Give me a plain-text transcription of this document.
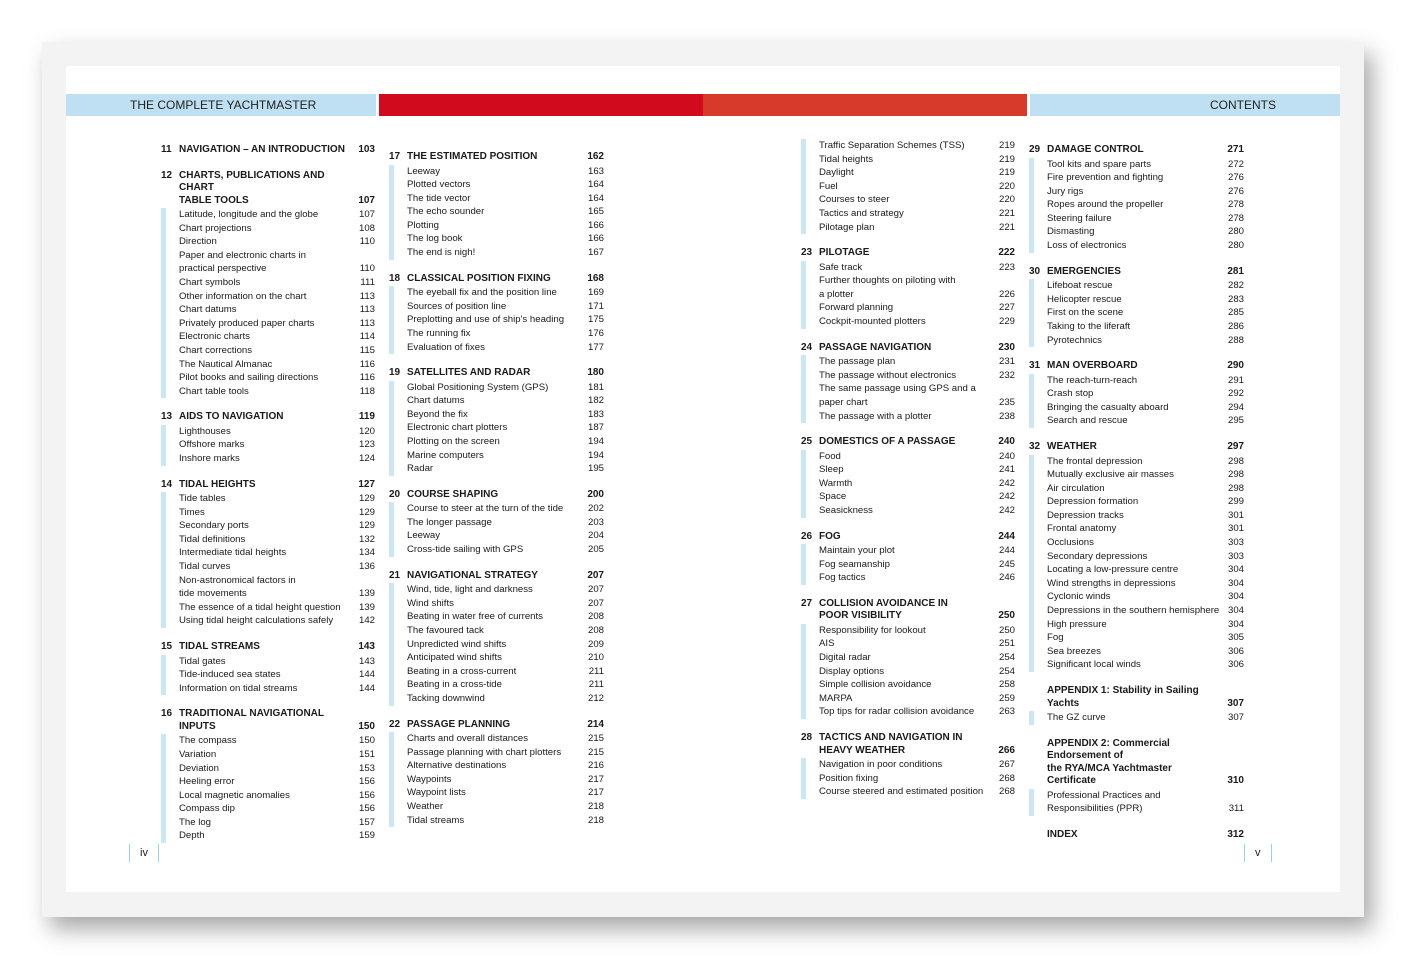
THE COMPLETE YACHTMASTER	CONTENTS
11 NAVIGATION – AN INTRODUCTION	103
12 CHARTS, PUBLICATIONS AND CHART
TABLE TOOLS	107
Latitude, longitude and the globe	107
Chart projections	108
Direction	110
Paper and electronic charts in
practical perspective	110
Chart symbols	111
Other information on the chart	113
Chart datums	113
Privately produced paper charts	113
Electronic charts	114
Chart corrections	115
The Nautical Almanac	116
Pilot books and sailing directions	116
Chart table tools	118
13 AIDS TO NAVIGATION	119
Lighthouses	120
Offshore marks	123
Inshore marks	124
14 TIDAL HEIGHTS	127
Tide tables	129
Times	129
Secondary ports	129
Tidal definitions	132
Intermediate tidal heights	134
Tidal curves	136
Non-astronomical factors in
tide movements	139
The essence of a tidal height question	139
Using tidal height calculations safely	142
15 TIDAL STREAMS	143
Tidal gates	143
Tide-induced sea states	144
Information on tidal streams	144
16 TRADITIONAL NAVIGATIONAL INPUTS	150
The compass	150
Variation	151
Deviation	153
Heeling error	156
Local magnetic anomalies	156
Compass dip	156
The log	157
Depth	159
17 THE ESTIMATED POSITION	162
Leeway	163
Plotted vectors	164
The tide vector	164
The echo sounder	165
Plotting	166
The log book	166
The end is nigh!	167
18 CLASSICAL POSITION FIXING	168
The eyeball fix and the position line	169
Sources of position line	171
Preplotting and use of ship's heading	175
The running fix	176
Evaluation of fixes	177
19 SATELLITES AND RADAR	180
Global Positioning System (GPS)	181
Chart datums	182
Beyond the fix	183
Electronic chart plotters	187
Plotting on the screen	194
Marine computers	194
Radar	195
20 COURSE SHAPING	200
Course to steer at the turn of the tide	202
The longer passage	203
Leeway	204
Cross-tide sailing with GPS	205
21 NAVIGATIONAL STRATEGY	207
Wind, tide, light and darkness	207
Wind shifts	207
Beating in water free of currents	208
The favoured tack	208
Unpredicted wind shifts	209
Anticipated wind shifts	210
Beating in a cross-current	211
Beating in a cross-tide	211
Tacking downwind	212
22 PASSAGE PLANNING	214
Charts and overall distances	215
Passage planning with chart plotters	215
Alternative destinations	216
Waypoints	217
Waypoint lists	217
Weather	218
Tidal streams	218
Traffic Separation Schemes (TSS)	219
Tidal heights	219
Daylight	219
Fuel	220
Courses to steer	220
Tactics and strategy	221
Pilotage plan	221
23 PILOTAGE	222
Safe track	223
Further thoughts on piloting with
a plotter	226
Forward planning	227
Cockpit-mounted plotters	229
24 PASSAGE NAVIGATION	230
The passage plan	231
The passage without electronics	232
The same passage using GPS and a
paper chart	235
The passage with a plotter	238
25 DOMESTICS OF A PASSAGE	240
Food	240
Sleep	241
Warmth	242
Space	242
Seasickness	242
26 FOG	244
Maintain your plot	244
Fog seamanship	245
Fog tactics	246
27 COLLISION AVOIDANCE IN
POOR VISIBILITY	250
Responsibility for lookout	250
AIS	251
Digital radar	254
Display options	254
Simple collision avoidance	258
MARPA	259
Top tips for radar collision avoidance	263
28 TACTICS AND NAVIGATION IN
HEAVY WEATHER	266
Navigation in poor conditions	267
Position fixing	268
Course steered and estimated position	268
29 DAMAGE CONTROL	271
Tool kits and spare parts	272
Fire prevention and fighting	276
Jury rigs	276
Ropes around the propeller	278
Steering failure	278
Dismasting	280
Loss of electronics	280
30 EMERGENCIES	281
Lifeboat rescue	282
Helicopter rescue	283
First on the scene	285
Taking to the liferaft	286
Pyrotechnics	288
31 MAN OVERBOARD	290
The reach-turn-reach	291
Crash stop	292
Bringing the casualty aboard	294
Search and rescue	295
32 WEATHER	297
The frontal depression	298
Mutually exclusive air masses	298
Air circulation	298
Depression formation	299
Depression tracks	301
Frontal anatomy	301
Occlusions	303
Secondary depressions	303
Locating a low-pressure centre	304
Wind strengths in depressions	304
Cyclonic winds	304
Depressions in the southern hemisphere 304
High pressure	304
Fog	305
Sea breezes	306
Significant local winds	306
APPENDIX 1: Stability in Sailing Yachts	307
The GZ curve	307
APPENDIX 2: Commercial Endorsement of
the RYA/MCA Yachtmaster Certificate	310
Professional Practices and
Responsibilities (PPR)	311
INDEX	312
iv	v
